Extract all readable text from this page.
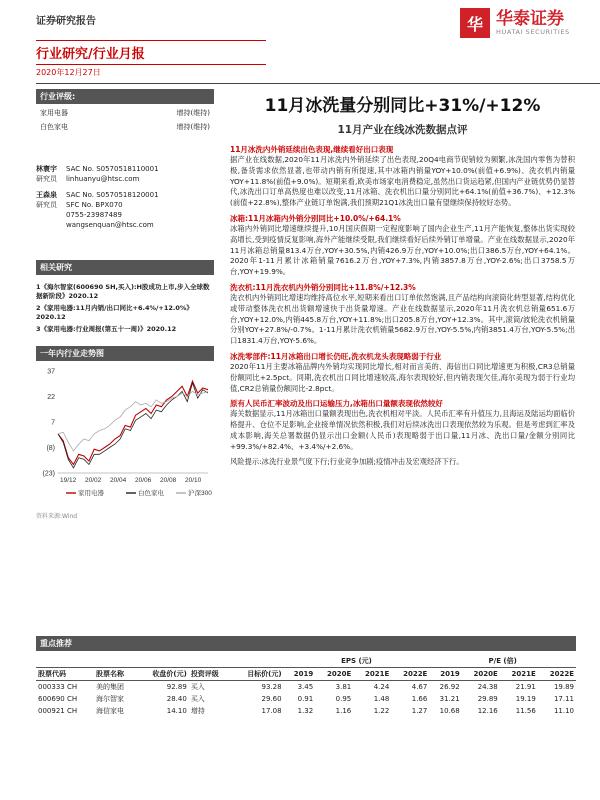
证券研究报告	华 华泰证券
HUATAI SECURITIES
行业研究/行业月报
2020年12月27日
行业评级:
家用电器	增持(维持)
白色家电	增持(维持)
林寰宇 SAC No. S0570518110001
研究员 linhuanyu@htsc.com
王森泉 SAC No. S0570518120001
研究员 SFC No. BPX070
0755-23987489
wangsenquan@htsc.com
相关研究
1《海尔智家(600690 SH,买入):H股成功上市,步入全球数据新阶段》2020.12
2《家用电器:11月内销/出口同比+6.4%/+12.0%》2020.12
3《家用电器:行业周报(第五十一周)》2020.12
一年内行业走势图
37
22
7
(8)
(23)
19/12 20/02 20/04 20/06 20/08 20/10
家用电器	白色家电	沪深300
资料来源:Wind
11月冰洗量分别同比+31%/+12%
11月产业在线冰洗数据点评
11月冰洗内外销延续出色表现,继续看好出口表现
据产业在线数据,2020年11月冰洗内外销延续了出色表现,20Q4电商节促销较为频繁,冰洗国内零售为替积极,备货需求依然显著,也带动内销有所提速,其中冰箱内销量YOY+10.0%(前值+6.9%)、洗衣机内销量YOY+11.8%(前值+9.0%)。短期来看,欧美市场家电消费稳定,虽然出口货运趋紧,但国内产业链优势仍显替代,冰洗出口订单高热度也难以改变,11月冰箱、洗衣机出口量分别同比+64.1%(前值+36.7%)、+12.3%(前值+22.8%),整体产业链订单饱满,我们预期21Q1冰洗出口量有望继续保持较好态势。
冰箱:11月冰箱内外销分别同比+10.0%/+64.1%
冰箱内外销同比增速继续提升,10月国庆假期一定程度影响了国内企业生产,11月产能恢复,整体出货实现较高增长,受到疫情反复影响,海外产能继续受限,我们继续看好后续外销订单增量。产业在线数据显示,2020年11月冰箱总销量813.4万台,YOY+30.5%,内销426.9万台,YOY+10.0%;出口386.5万台,YOY+64.1%。2020年1-11月累计冰箱销量7616.2万台,YOY+7.3%,内销3857.8万台,YOY-2.6%;出口3758.5万台,YOY+19.9%。
洗衣机:11月洗衣机内外销分别同比+11.8%/+12.3%
洗衣机内外销同比增速均维持高位水平,短期来看出口订单依然饱满,且产品结构向滚筒化转型显著,结构优化或带动整体洗衣机出货额增速快于出货量增速。产业在线数据显示,2020年11月洗衣机总销量651.6万台,YOY+12.0%,内销445.8万台,YOY+11.8%;出口205.8万台,YOY+12.3%。其中,滚筒/波轮洗衣机销量分别YOY+27.8%/-0.7%。1-11月累计洗衣机销量5682.9万台,YOY-5.5%,内销3851.4万台,YOY-5.5%;出口1831.4万台,YOY-5.6%。
冰洗零部件:11月冰箱出口增长仍旺,洗衣机龙头表现略弱于行业
2020年11月主要冰箱品牌内外销均实现同比增长,相对而言美的、海信出口同比增速更为积极,CR3总销量份额同比+2.5pct。同期,洗衣机出口同比增速较高,海尔表现较好,但内销表现欠佳,海尔美现为弱于行业均值,CR2总销量份额同比-2.8pct。
原有人民币汇率波动及出口运输压力,冰箱出口量额表现依然较好
海关数据显示,11月冰箱出口量额表现出色,洗衣机相对平淡。人民币汇率有升值压力,且海运及陆运均面临价格提升、仓位不足影响,企业接单情况依然积极,我们对后续冰洗出口表现依然较为乐观。但是考虑到汇率及成本影响,海关总署数据仍显示出口金额(人民币)表现略弱于出口量,11月冰、洗出口量/金额分别同比+99.3%/+82.4%、+3.4%/+2.6%。
风险提示:冰洗行业景气度下行;行业竞争加剧;疫情冲击及宏观经济下行。
重点推荐
					EPS (元)				P/E (倍)			
股票代码	股票名称	收盘价(元)	投资评级	目标价(元)	2019	2020E	2021E	2022E	2019	2020E	2021E	2022E
000333 CH	美的集团	92.89	买入	93.28	3.45	3.81	4.24	4.67	26.92	24.38	21.91	19.89
600690 CH	海尔智家	28.40	买入	29.60	0.91	0.95	1.48	1.66	31.21	29.89	19.19	17.11
000921 CH	海信家电	14.10	增持	17.08	1.32	1.16	1.22	1.27	10.68	12.16	11.56	11.10
